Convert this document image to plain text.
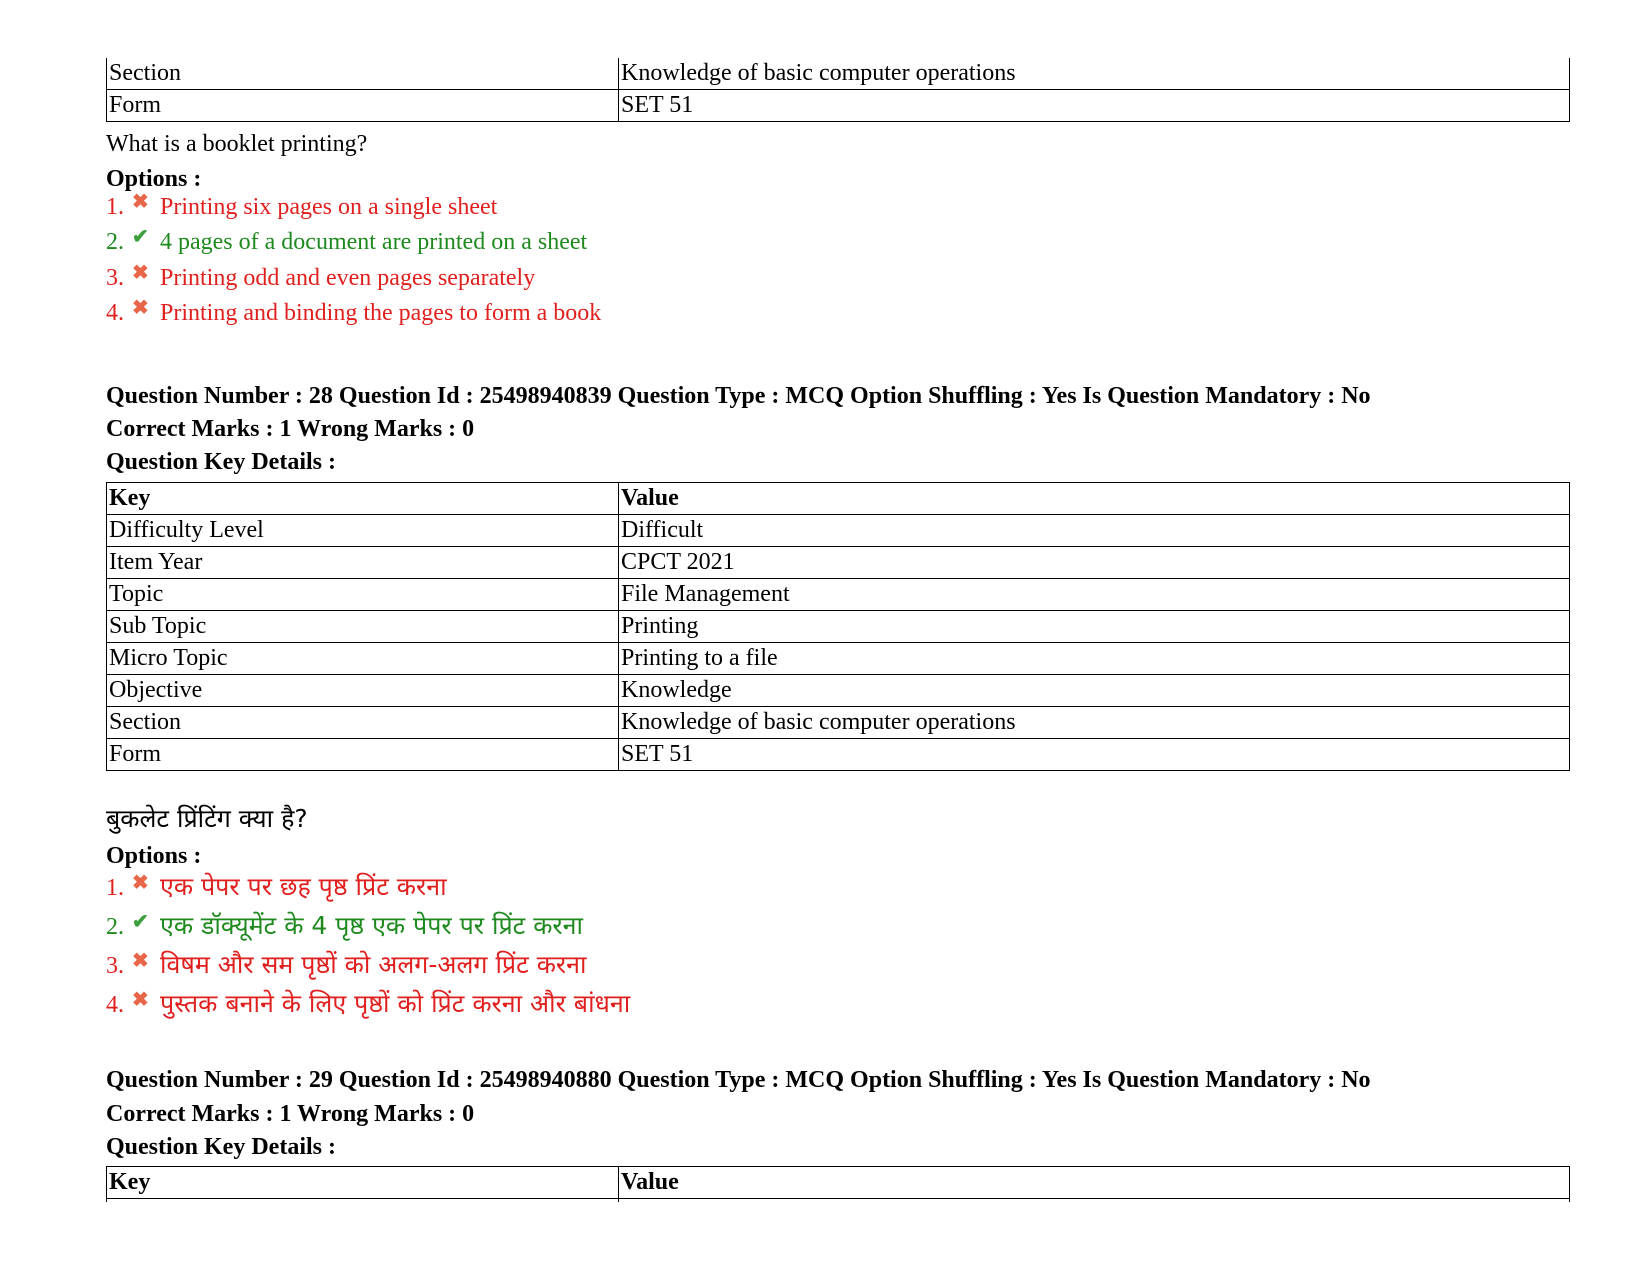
Section	Knowledge of basic computer operations
Form	SET 51
What is a booklet printing?
Options :
1. ✖ Printing six pages on a single sheet
2. ✔ 4 pages of a document are printed on a sheet
3. ✖ Printing odd and even pages separately
4. ✖ Printing and binding the pages to form a book
Question Number : 28 Question Id : 25498940839 Question Type : MCQ Option Shuffling : Yes Is Question Mandatory : No
Correct Marks : 1 Wrong Marks : 0
Question Key Details :
Key	Value
Difficulty Level	Difficult
Item Year	CPCT 2021
Topic	File Management
Sub Topic	Printing
Micro Topic	Printing to a file
Objective	Knowledge
Section	Knowledge of basic computer operations
Form	SET 51
बुकलेट प्रिंटिंग क्या है?
Options :
1. ✖ एक पेपर पर छह पृष्ठ प्रिंट करना
2. ✔ एक डॉक्यूमेंट के 4 पृष्ठ एक पेपर पर प्रिंट करना
3. ✖ विषम और सम पृष्ठों को अलग-अलग प्रिंट करना
4. ✖ पुस्तक बनाने के लिए पृष्ठों को प्रिंट करना और बांधना
Question Number : 29 Question Id : 25498940880 Question Type : MCQ Option Shuffling : Yes Is Question Mandatory : No
Correct Marks : 1 Wrong Marks : 0
Question Key Details :
Key	Value
